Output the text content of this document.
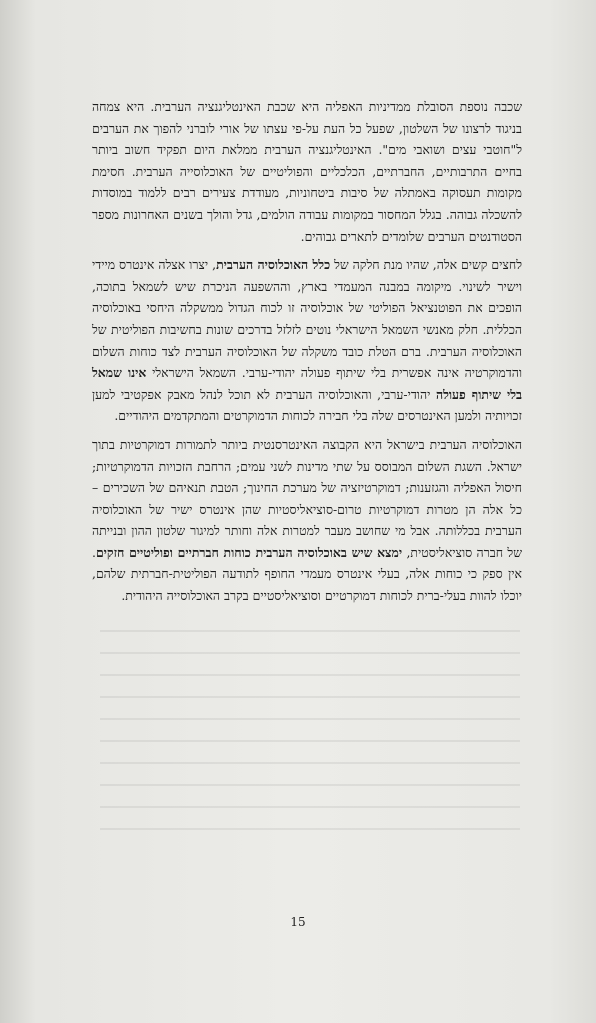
שכבה נוספת הסובלת ממדיניות האפליה היא שכבת האינטליגנציה הערבית. היא צמחה בניגוד לרצונו של השלטון, שפעל כל העת על-פי עצתו של אורי לוברני להפוך את הערבים ל"חוטבי עצים ושואבי מים". האינטליגנציה הערבית ממלאת היום תפקיד חשוב ביותר בחיים התרבותיים, החברתיים, הכלכליים והפוליטיים של האוכלוסייה הערבית. חסימת מקומות תעסוקה באמתלה של סיבות ביטחוניות, מעודדת צעירים רבים ללמוד במוסדות להשכלה גבוהה. בגלל המחסור במקומות עבודה הולמים, גדל והולך בשנים האחרונות מספר הסטודנטים הערבים שלומדים לתארים גבוהים.

לחצים קשים אלה, שהיו מנת חלקה של כלל האוכלוסיה הערבית, יצרו אצלה אינטרס מיידי וישיר לשינוי. מיקומה במבנה המעמדי בארץ, וההשפעה הניכרת שיש לשמאל בתוכה, הופכים את הפוטנציאל הפוליטי של אוכלוסיה זו לכוח הגדול ממשקלה היחסי באוכלוסיה הכללית. חלק מאנשי השמאל הישראלי נוטים לזלזל בדרכים שונות בחשיבות הפוליטית של האוכלוסיה הערבית. ברם הטלת כובד משקלה של האוכלוסיה הערבית לצד כוחות השלום והדמוקרטיה אינה אפשרית בלי שיתוף פעולה יהודי-ערבי. השמאל הישראלי אינו שמאל בלי שיתוף פעולה יהודי-ערבי, והאוכלוסיה הערבית לא תוכל לנהל מאבק אפקטיבי למען זכויותיה ולמען האינטרסים שלה בלי חבירה לכוחות הדמוקרטים והמתקדמים היהודיים.

האוכלוסיה הערבית בישראל היא הקבוצה האינטרסנטית ביותר לתמורות דמוקרטיות בתוך ישראל. השגת השלום המבוסס על שתי מדינות לשני עמים; הרחבת הזכויות הדמוקרטיות; חיסול האפליה והגזענות; דמוקרטיזציה של מערכת החינוך; הטבת תנאיהם של השכירים – כל אלה הן מטרות דמוקרטיות טרום-סוציאליסטיות שהן אינטרס ישיר של האוכלוסיה הערבית בכללותה. אבל מי שחושב מעבר למטרות אלה וחותר למיגור שלטון ההון ובנייתה של חברה סוציאליסטית, ימצא שיש באוכלוסיה הערבית כוחות חברתיים ופוליטיים חזקים. אין ספק כי כוחות אלה, בעלי אינטרס מעמדי החופף לתודעה הפוליטית-חברתית שלהם, יוכלו להוות בעלי-ברית לכוחות דמוקרטיים וסוציאליסטיים בקרב האוכלוסייה היהודית.

15
